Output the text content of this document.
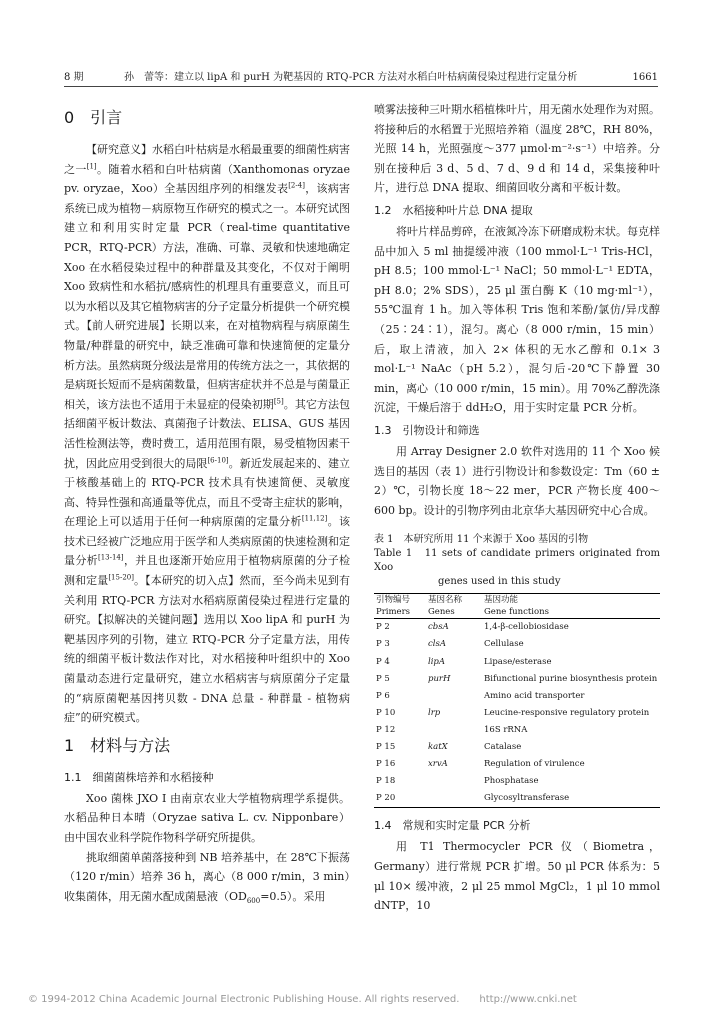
8 期	孙　蕾等：建立以 lipA 和 purH 为靶基因的 RTQ-PCR 方法对水稻白叶枯病菌侵染过程进行定量分析	1661
0　引言

【研究意义】水稻白叶枯病是水稻最重要的细菌性病害之一[1]。随着水稻和白叶枯病菌（Xanthomonas oryzae pv. oryzae，Xoo）全基因组序列的相继发表[2-4]，该病害系统已成为植物－病原物互作研究的模式之一。本研究试图建立和利用实时定量 PCR（real-time quantitative PCR，RTQ-PCR）方法，准确、可靠、灵敏和快速地确定 Xoo 在水稻侵染过程中的种群量及其变化，不仅对于阐明 Xoo 致病性和水稻抗/感病性的机理具有重要意义，而且可以为水稻以及其它植物病害的分子定量分析提供一个研究模式。【前人研究进展】长期以来，在对植物病程与病原菌生物量/种群量的研究中，缺乏准确可靠和快速简便的定量分析方法。虽然病斑分级法是常用的传统方法之一，其依据的是病斑长短而不是病菌数量，但病害症状并不总是与菌量正相关，该方法也不适用于未显症的侵染初期[5]。其它方法包括细菌平板计数法、真菌孢子计数法、ELISA、GUS 基因活性检测法等，费时费工，适用范围有限，易受植物因素干扰，因此应用受到很大的局限[6-10]。新近发展起来的、建立于核酸基础上的 RTQ-PCR 技术具有快速简便、灵敏度高、特异性强和高通量等优点，而且不受寄主症状的影响，在理论上可以适用于任何一种病原菌的定量分析[11,12]。该技术已经被广泛地应用于医学和人类病原菌的快速检测和定量分析[13-14]，并且也逐渐开始应用于植物病原菌的分子检测和定量[15-20]。【本研究的切入点】然而，至今尚未见到有关利用 RTQ-PCR 方法对水稻病原菌侵染过程进行定量的研究。【拟解决的关键问题】选用以 Xoo lipA 和 purH 为靶基因序列的引物，建立 RTQ-PCR 分子定量方法，用传统的细菌平板计数法作对比，对水稻接种叶组织中的 Xoo 菌量动态进行定量研究，建立水稻病害与病原菌分子定量的“病原菌靶基因拷贝数 - DNA 总量 - 种群量 - 植物病症”的研究模式。

1　材料与方法
1.1　细菌菌株培养和水稻接种

Xoo 菌株 JXO I 由南京农业大学植物病理学系提供。水稻品种日本晴（Oryzae sativa L. cv. Nipponbare）由中国农业科学院作物科学研究所提供。

挑取细菌单菌落接种到 NB 培养基中，在 28℃下振荡（120 r/min）培养 36 h，离心（8 000 r/min，3 min）收集菌体，用无菌水配成菌悬液$(OD_{600}=0.5)$。采用

喷雾法接种三叶期水稻植株叶片，用无菌水处理作为对照。将接种后的水稻置于光照培养箱（温度 28℃，RH 80%，光照 14 h，光照强度～377 μmol·m⁻²·s⁻¹）中培养。分别在接种后 3 d、5 d、7 d、9 d 和 14 d，采集接种叶片，进行总 DNA 提取、细菌回收分离和平板计数。

1.2　水稻接种叶片总 DNA 提取

将叶片样品剪碎，在液氮冷冻下研磨成粉末状。每克样品中加入 5 ml 抽提缓冲液（100 mmol·L⁻¹ Tris-HCl，pH 8.5；100 mmol·L⁻¹ NaCl；50 mmol·L⁻¹ EDTA，pH 8.0；2% SDS），25 μl 蛋白酶 K（10 mg·ml⁻¹），55℃温育 1 h。加入等体积 Tris 饱和苯酚/氯仿/异戊醇（25∶24∶1），混匀。离心（8 000 r/min，15 min）后，取上清液，加入 2× 体积的无水乙醇和 0.1× 3 mol·L⁻¹ NaAc（pH 5.2），混匀后-20℃下静置 30 min，离心（10 000 r/min，15 min）。用 70%乙醇洗涤沉淀，干燥后溶于 ddH₂O，用于实时定量 PCR 分析。

1.3　引物设计和筛选

用 Array Designer 2.0 软件对选用的 11 个 Xoo 候选目的基因（表 1）进行引物设计和参数设定：Tm（60 ± 2）℃，引物长度 18～22 mer，PCR 产物长度 400～600 bp。设计的引物序列由北京华大基因研究中心合成。

表 1　本研究所用 11 个来源于 Xoo 基因的引物
Table 1　11 sets of candidate primers originated from Xoo
genes used in this study
引物编号	基因名称	基因功能
Primers	Genes	Gene functions
P 2	cbsA	1,4-β-cellobiosidase
P 3	clsA	Cellulase
P 4	lipA	Lipase/esterase
P 5	purH	Bifunctional purine biosynthesis protein
P 6		Amino acid transporter
P 10	lrp	Leucine-responsive regulatory protein
P 12		16S rRNA
P 15	katX	Catalase
P 16	xrvA	Regulation of virulence
P 18		Phosphatase
P 20		Glycosyltransferase
1.4　常规和实时定量 PCR 分析

用 T1 Thermocycler PCR 仪（Biometra，Germany）进行常规 PCR 扩增。50 μl PCR 体系为：5 μl 10× 缓冲液，2 μl 25 mmol MgCl₂，1 μl 10 mmol dNTP，10

© 1994-2012 China Academic Journal Electronic Publishing House. All rights reserved.　　http://www.cnki.net
